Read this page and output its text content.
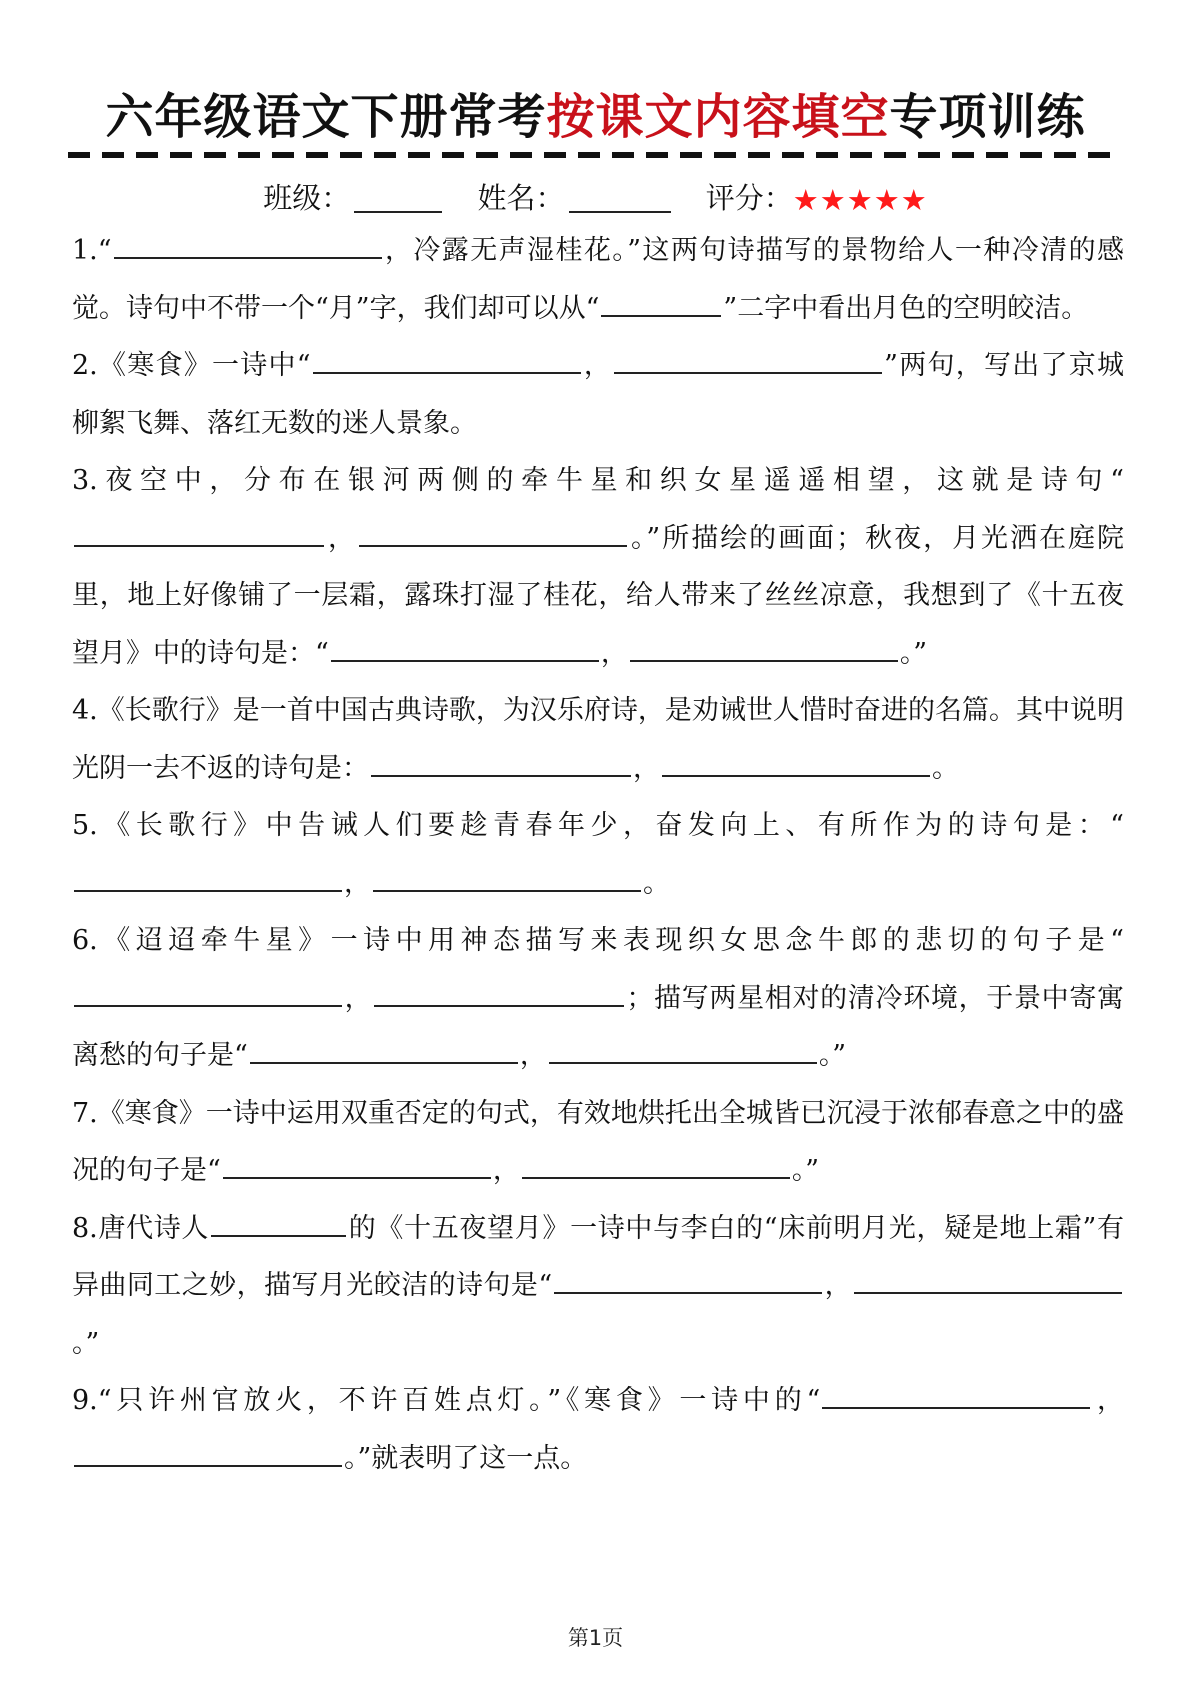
六年级语文下册常考按课文内容填空专项训练
班级：	姓名：	评分：★★★★★

1.“	，冷露无声湿桂花。”这两句诗描写的景物给人一种冷清的感觉。诗句中不带一个“月”字，我们却可以从“	”二字中看出月色的空明皎洁。

2.《寒食》一诗中“	，	”两句，写出了京城柳絮飞舞、落红无数的迷人景象。

3.夜空中，分布在银河两侧的牵牛星和织女星遥遥相望，这就是诗句“，	。”所描绘的画面；秋夜，月光洒在庭院里，地上好像铺了一层霜，露珠打湿了桂花，给人带来了丝丝凉意，我想到了《十五夜望月》中的诗句是：“	，	。”

4.《长歌行》是一首中国古典诗歌，为汉乐府诗，是劝诫世人惜时奋进的名篇。其中说明光阴一去不返的诗句是：	，	。

5.《长歌行》中告诫人们要趁青春年少，奋发向上、有所作为的诗句是：“，	。

6.《迢迢牵牛星》一诗中用神态描写来表现织女思念牛郎的悲切的句子是“，	；描写两星相对的清冷环境，于景中寄寓离愁的句子是“	，	。”

7.《寒食》一诗中运用双重否定的句式，有效地烘托出全城皆已沉浸于浓郁春意之中的盛况的句子是“	，	。”

8.唐代诗人	的《十五夜望月》一诗中与李白的“床前明月光，疑是地上霜”有异曲同工之妙，描写月光皎洁的诗句是“	，。”

9.“只许州官放火，不许百姓点灯。”《寒食》一诗中的“	，。”就表明了这一点。

第1页
